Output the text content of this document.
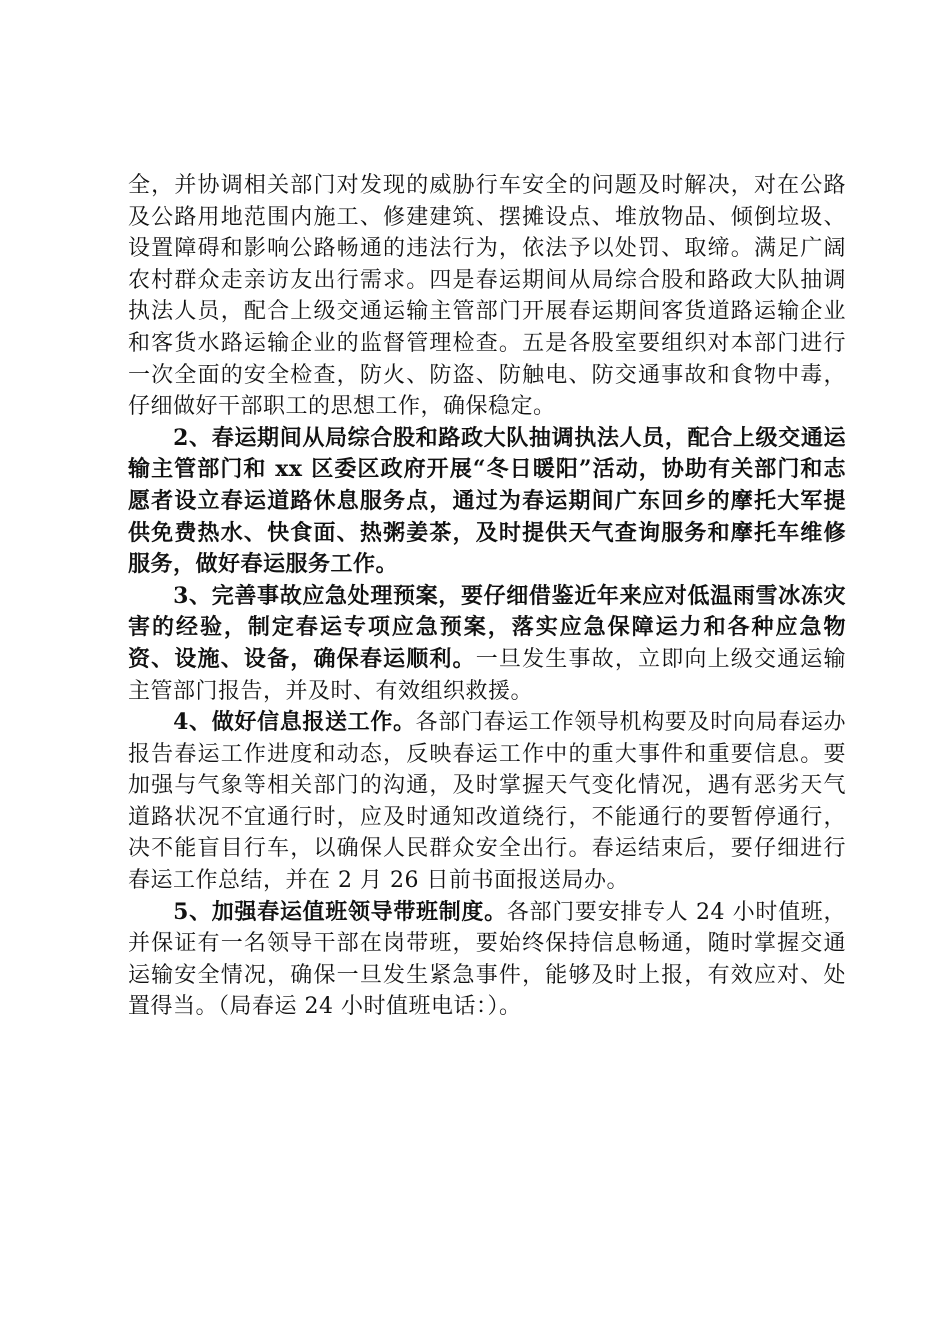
全，并协调相关部门对发现的威胁行车安全的问题及时解决，对在公路及公路用地范围内施工、修建建筑、摆摊设点、堆放物品、倾倒垃圾、设置障碍和影响公路畅通的违法行为，依法予以处罚、取缔。满足广阔农村群众走亲访友出行需求。四是春运期间从局综合股和路政大队抽调执法人员，配合上级交通运输主管部门开展春运期间客货道路运输企业和客货水路运输企业的监督管理检查。五是各股室要组织对本部门进行一次全面的安全检查，防火、防盗、防触电、防交通事故和食物中毒，仔细做好干部职工的思想工作，确保稳定。

2、春运期间从局综合股和路政大队抽调执法人员，配合上级交通运输主管部门和 xx 区委区政府开展“冬日暖阳”活动，协助有关部门和志愿者设立春运道路休息服务点，通过为春运期间广东回乡的摩托大军提供免费热水、快食面、热粥姜茶，及时提供天气查询服务和摩托车维修服务，做好春运服务工作。

3、完善事故应急处理预案，要仔细借鉴近年来应对低温雨雪冰冻灾害的经验，制定春运专项应急预案，落实应急保障运力和各种应急物资、设施、设备，确保春运顺利。一旦发生事故，立即向上级交通运输主管部门报告，并及时、有效组织救援。

4、做好信息报送工作。各部门春运工作领导机构要及时向局春运办报告春运工作进度和动态，反映春运工作中的重大事件和重要信息。要加强与气象等相关部门的沟通，及时掌握天气变化情况，遇有恶劣天气道路状况不宜通行时，应及时通知改道绕行，不能通行的要暂停通行，决不能盲目行车，以确保人民群众安全出行。春运结束后，要仔细进行春运工作总结，并在 2 月 26 日前书面报送局办。

5、加强春运值班领导带班制度。各部门要安排专人 24 小时值班，并保证有一名领导干部在岗带班，要始终保持信息畅通，随时掌握交通运输安全情况，确保一旦发生紧急事件，能够及时上报，有效应对、处置得当。（局春运 24 小时值班电话：）。
